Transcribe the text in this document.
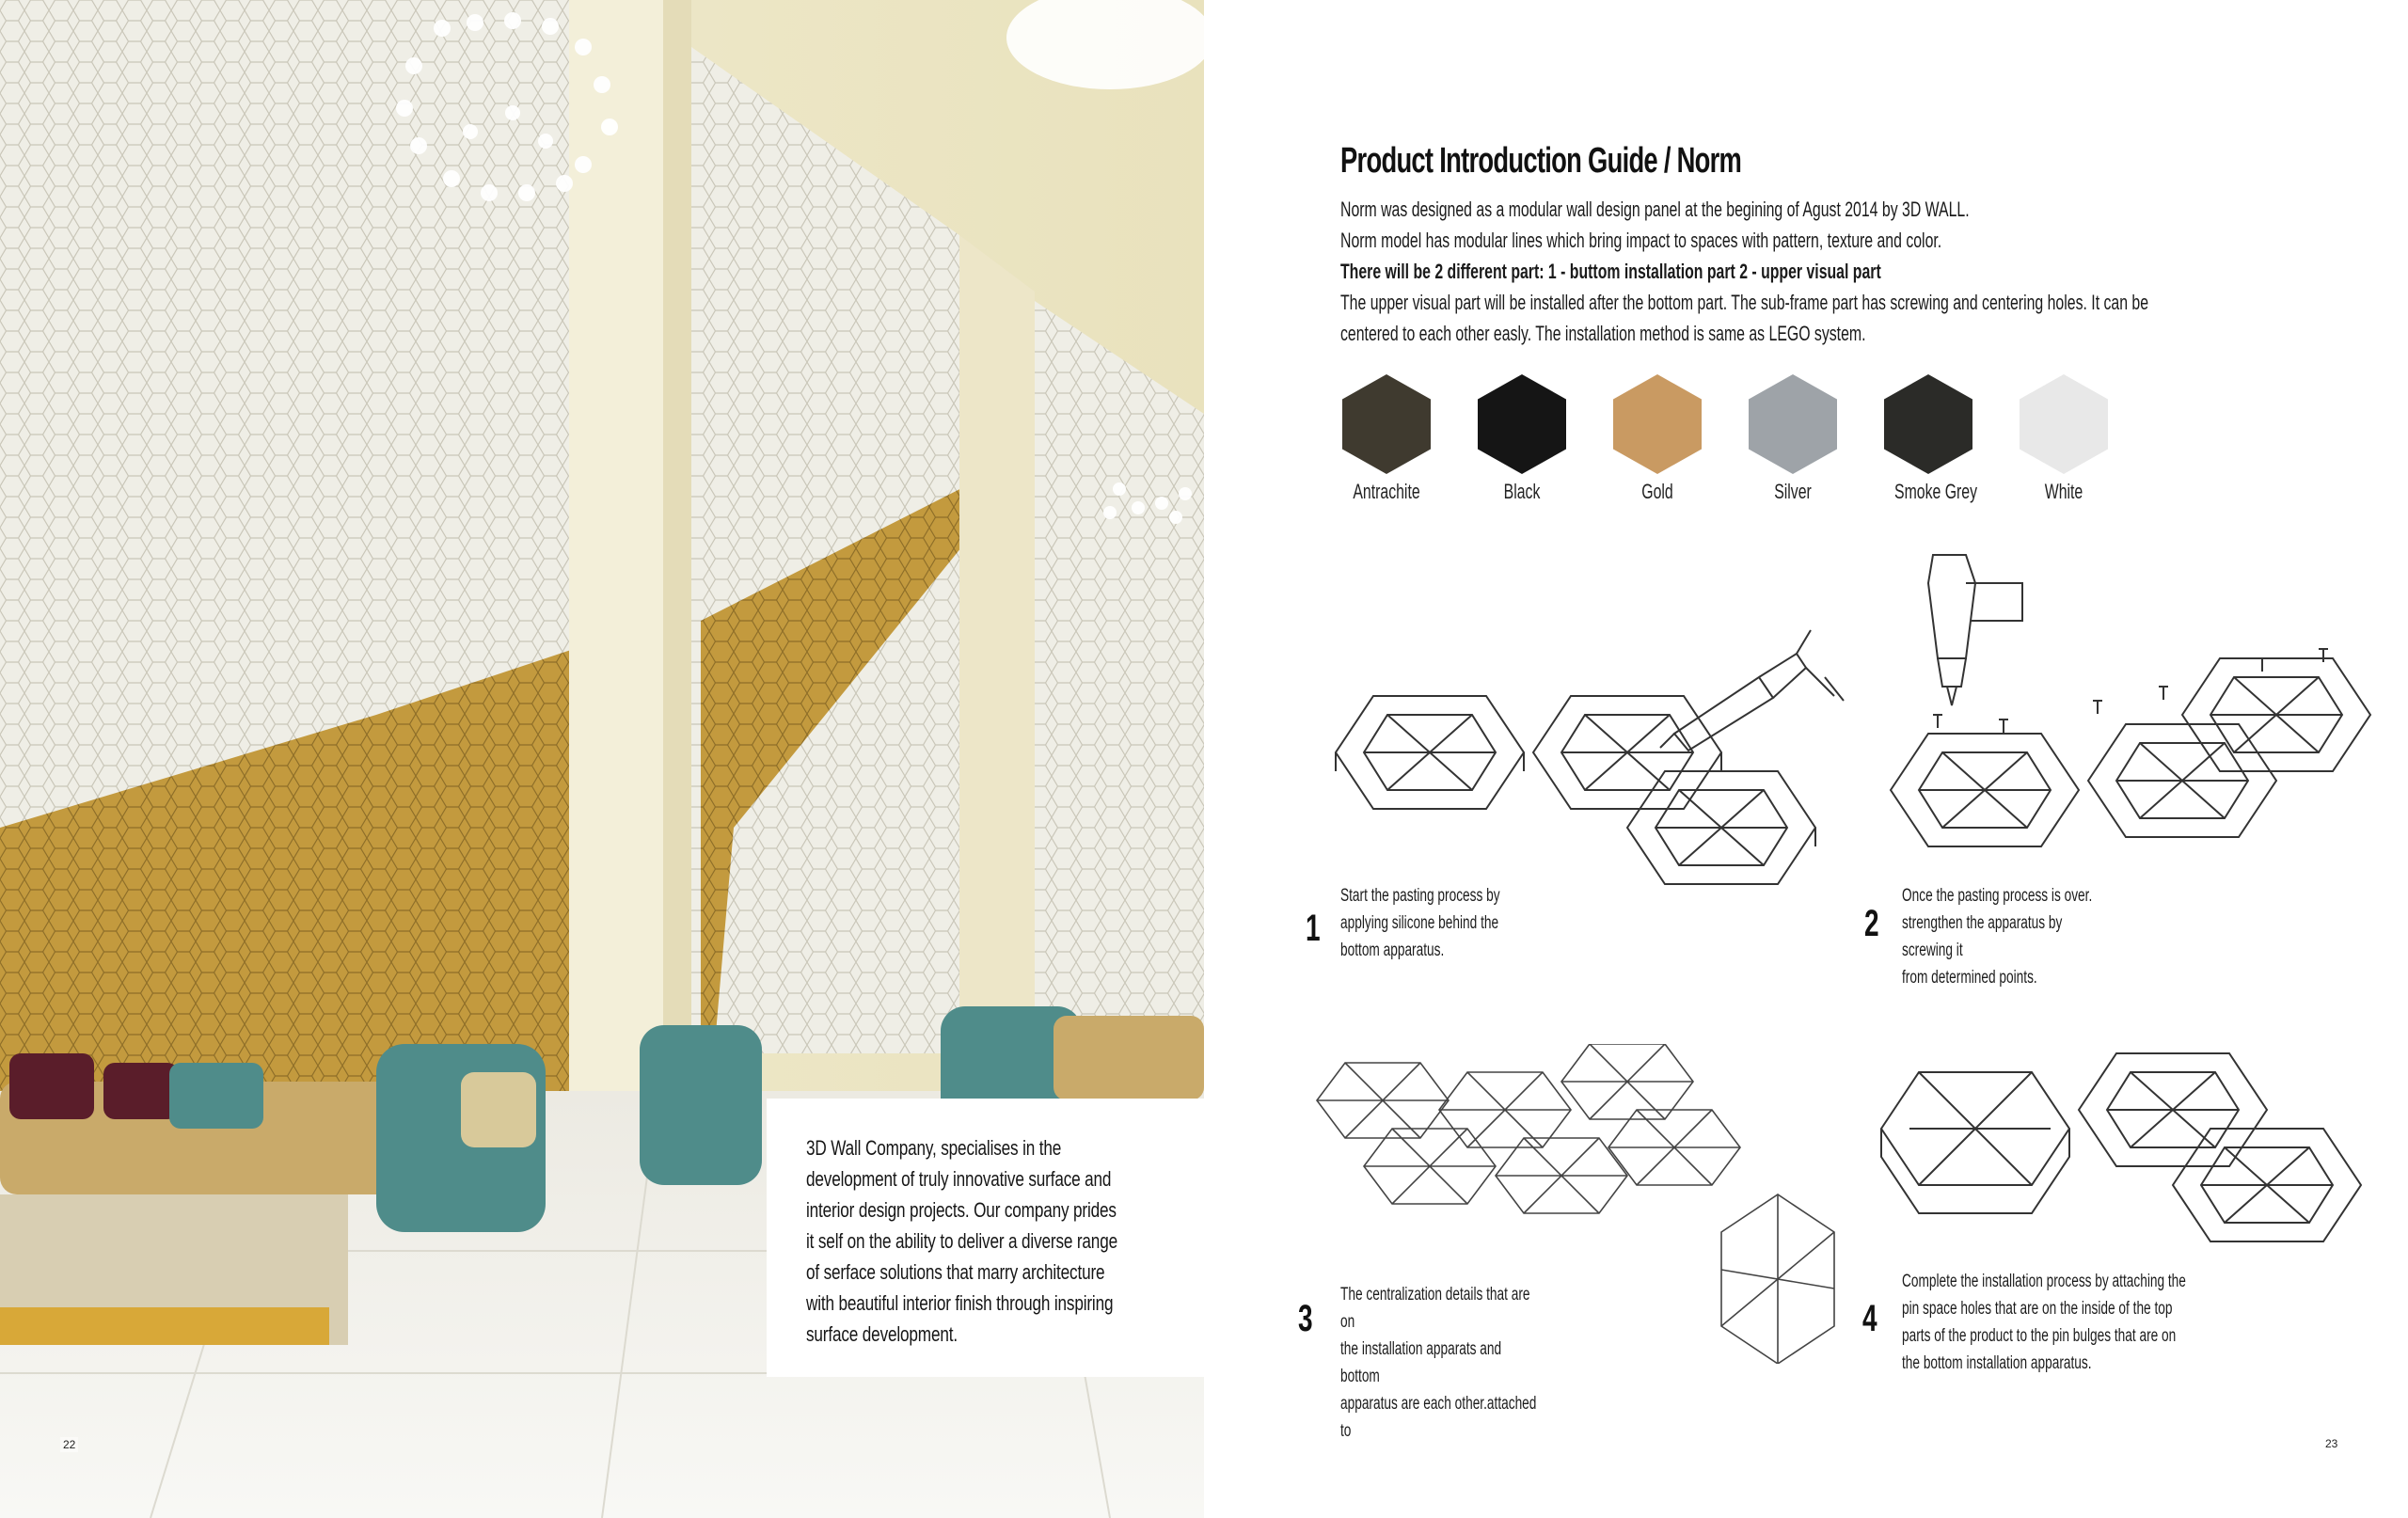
3D Wall Company, specialises in the
development of truly innovative surface and
interior design projects. Our company prides
it self on the ability to deliver a diverse range
of serface solutions that marry architecture
with beautiful interior finish through inspiring
surface development.
22
Product Introduction Guide / Norm
Norm was designed as a modular wall design panel at the begining of Agust 2014 by 3D WALL.
Norm model has modular lines which bring impact to spaces with pattern, texture and color.
There will be 2 different part: 1 - buttom installation part 2 - upper visual part
The upper visual part will be installed after the bottom part. The sub-frame part has screwing and centering holes. It can be
centered to each other easly. The installation method is same as LEGO system.
Antrachite	Black	Gold	Silver	Smoke Grey	White
1
Start the pasting process by
applying silicone behind the
bottom apparatus.
2
Once the pasting process is over.
strengthen the apparatus by screwing it
from determined points.
3
The centralization details that are on
the installation apparats and bottom
apparatus are each other.attached to
4
Complete the installation process by attaching the
pin space holes that are on the inside of the top
parts of the product to the pin bulges that are on
the bottom installation apparatus.
23
